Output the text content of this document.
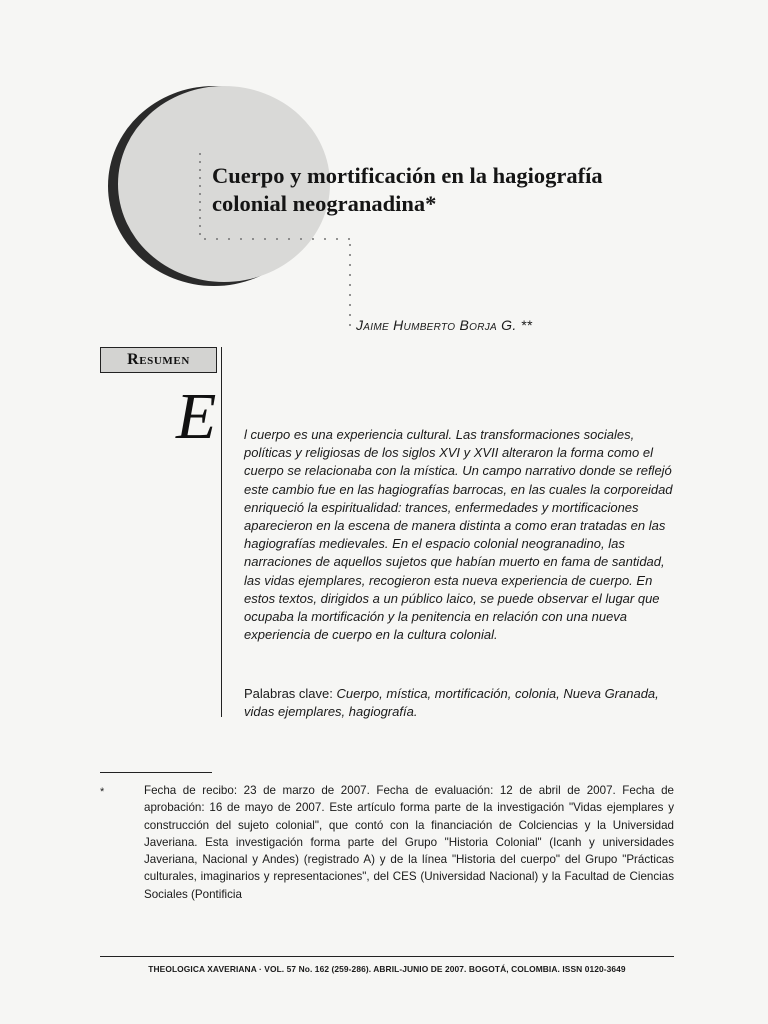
Cuerpo y mortificación en la hagiografía
colonial neogranadina*
Jaime Humberto Borja G. **
Resumen
E l cuerpo es una experiencia cultural. Las transformaciones sociales, políticas y religiosas de los siglos XVI y XVII alteraron la forma como el cuerpo se relacionaba con la mística. Un campo narrativo donde se reflejó este cambio fue en las hagiografías barrocas, en las cuales la corporeidad enriqueció la espiritualidad: trances, enfermedades y mortificaciones aparecieron en la escena de manera distinta a como eran tratadas en las hagiografías medievales. En el espacio colonial neogranadino, las narraciones de aquellos sujetos que habían muerto en fama de santidad, las vidas ejemplares, recogieron esta nueva experiencia de cuerpo. En estos textos, dirigidos a un público laico, se puede observar el lugar que ocupaba la mortificación y la penitencia en relación con una nueva experiencia de cuerpo en la cultura colonial.

Palabras clave: Cuerpo, mística, mortificación, colonia, Nueva Granada, vidas ejemplares, hagiografía.

*	Fecha de recibo: 23 de marzo de 2007. Fecha de evaluación: 12 de abril de 2007. Fecha de aprobación: 16 de mayo de 2007. Este artículo forma parte de la investigación "Vidas ejemplares y construcción del sujeto colonial", que contó con la financiación de Colciencias y la Universidad Javeriana. Esta investigación forma parte del Grupo "Historia Colonial" (Icanh y universidades Javeriana, Nacional y Andes) (registrado A) y de la línea "Historia del cuerpo" del Grupo "Prácticas culturales, imaginarios y representaciones", del CES (Universidad Nacional) y la Facultad de Ciencias Sociales (Pontificia

THEOLOGICA XAVERIANA · VOL. 57 No. 162 (259-286). ABRIL-JUNIO DE 2007. BOGOTÁ, COLOMBIA. ISSN 0120-3649
